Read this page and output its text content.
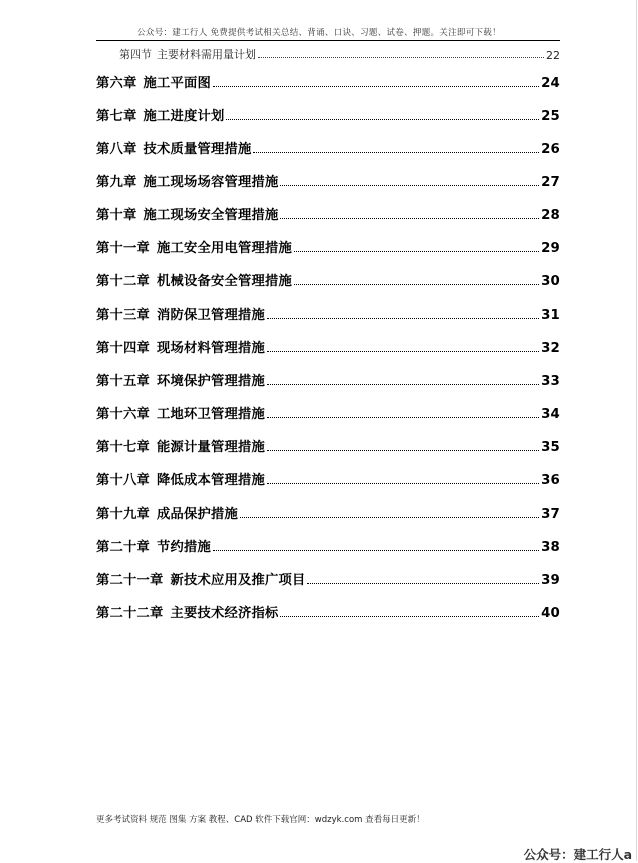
公众号：建工行人 免费提供考试相关总结、背诵、口诀、习题、试卷、押题。关注即可下载！
第四节 主要材料需用量计划	22
第六章 施工平面图	24
第七章 施工进度计划	25
第八章 技术质量管理措施	26
第九章 施工现场场容管理措施	27
第十章 施工现场安全管理措施	28
第十一章 施工安全用电管理措施	29
第十二章 机械设备安全管理措施	30
第十三章 消防保卫管理措施	31
第十四章 现场材料管理措施	32
第十五章 环境保护管理措施	33
第十六章 工地环卫管理措施	34
第十七章 能源计量管理措施	35
第十八章 降低成本管理措施	36
第十九章 成品保护措施	37
第二十章 节约措施	38
第二十一章 新技术应用及推广项目	39
第二十二章 主要技术经济指标	40
更多考试资料 规范 图集 方案 教程、CAD 软件下载官网：wdzyk.com 查看每日更新！
公众号：建工行人a
